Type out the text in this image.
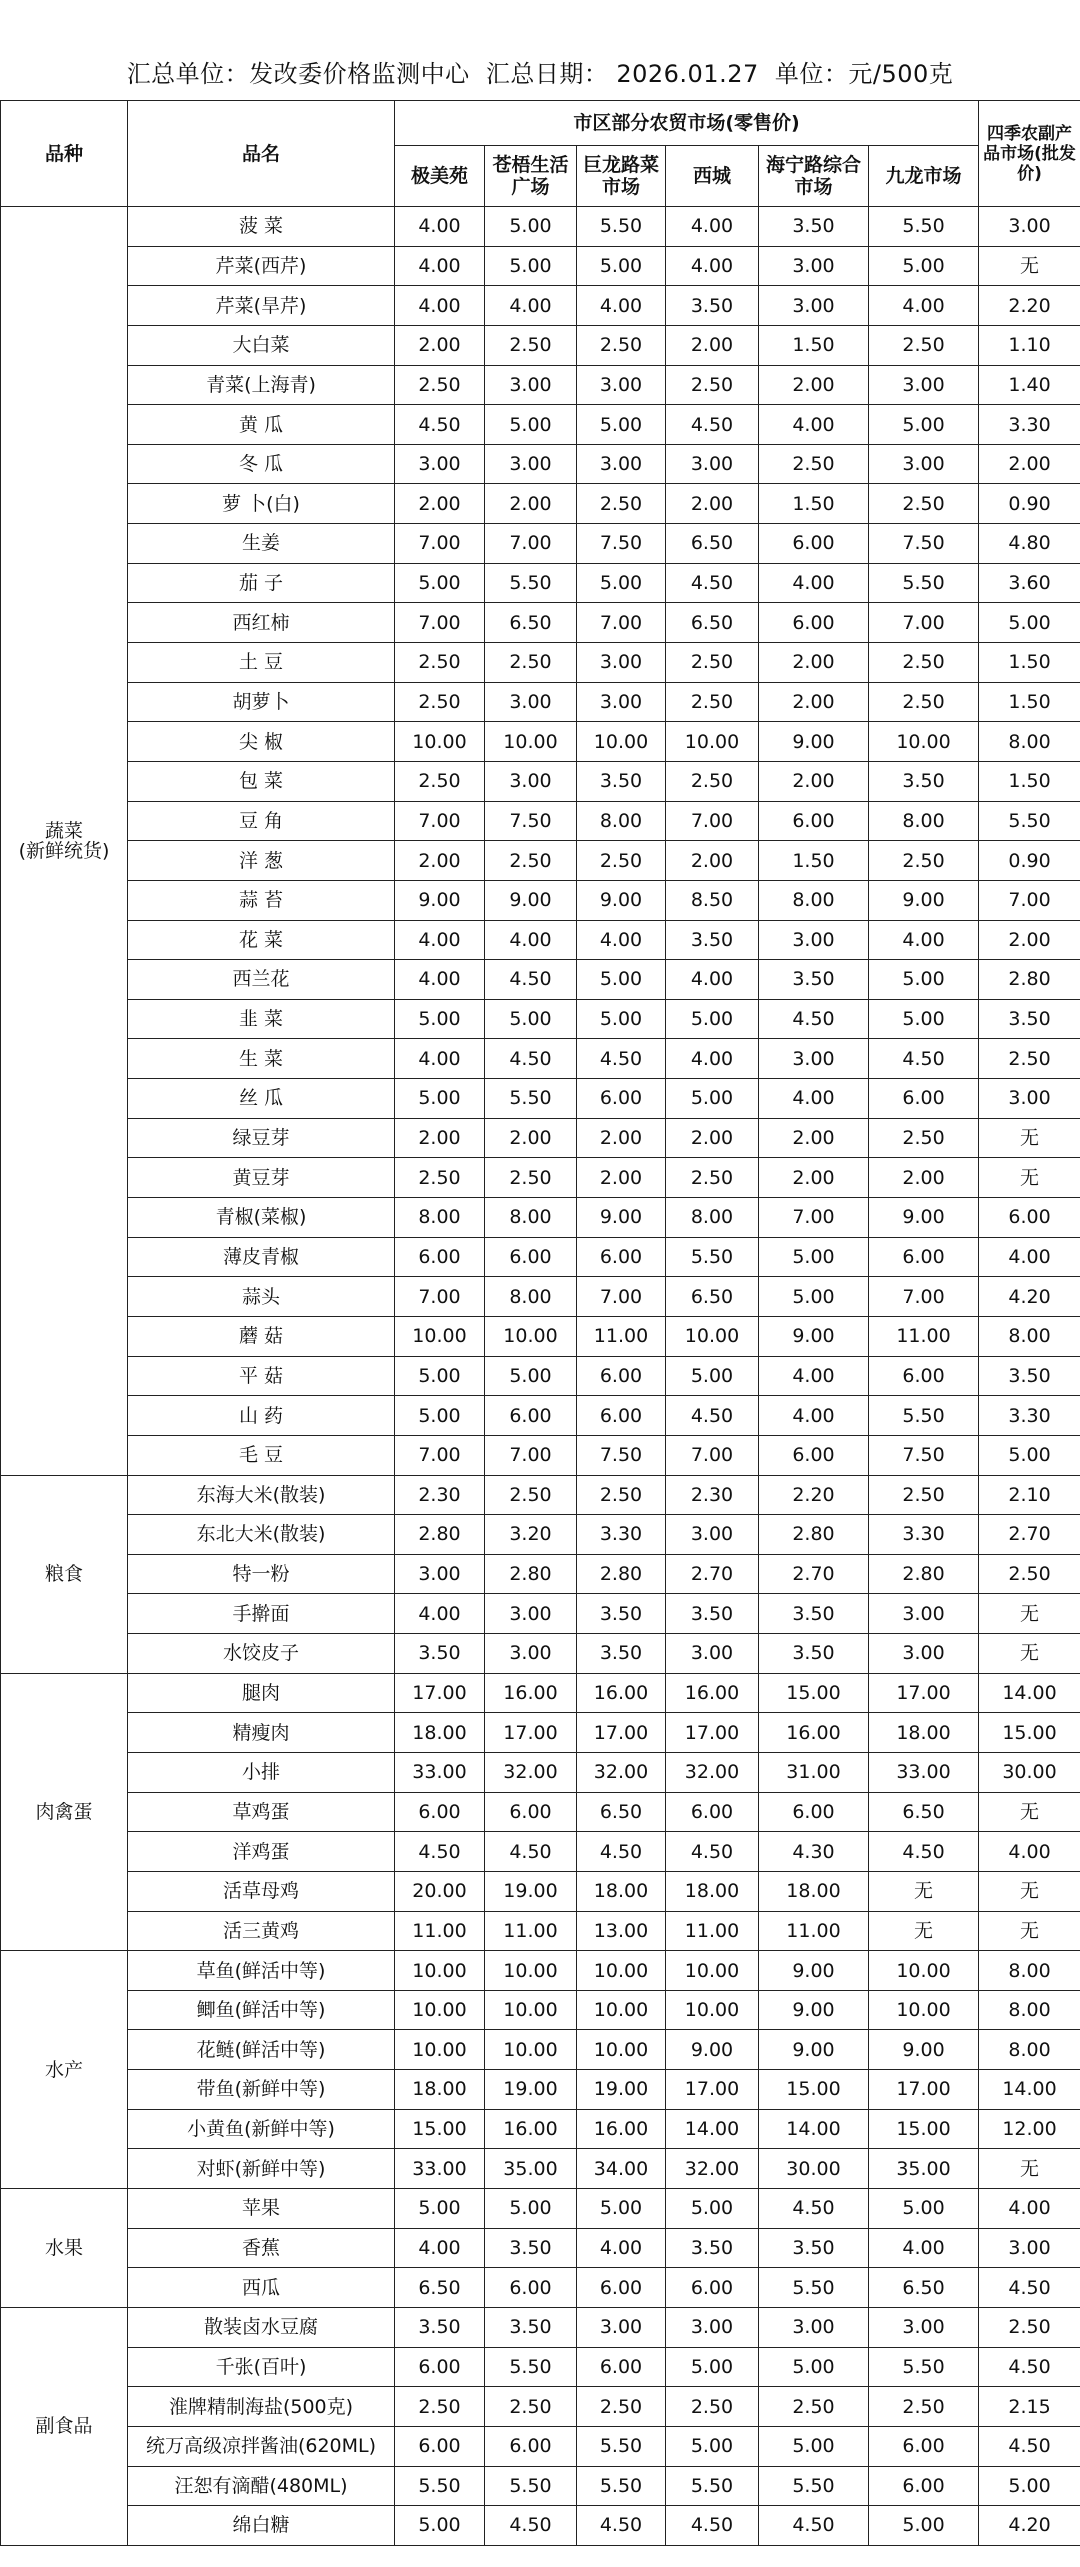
汇总单位：发改委价格监测中心 汇总日期： 2026.01.27 单位：元/500克
品种	品名	市区部分农贸市场(零售价)						四季农副产品市场(批发价)
		极美苑	苍梧生活广场	巨龙路菜市场	西城	海宁路综合市场	九龙市场	

蔬菜
(新鲜统货)	菠 菜	4.00	5.00	5.50	4.00	3.50	5.50	3.00
	芹菜(西芹)	4.00	5.00	5.00	4.00	3.00	5.00	无
	芹菜(旱芹)	4.00	4.00	4.00	3.50	3.00	4.00	2.20
	大白菜	2.00	2.50	2.50	2.00	1.50	2.50	1.10
	青菜(上海青)	2.50	3.00	3.00	2.50	2.00	3.00	1.40
	黄 瓜	4.50	5.00	5.00	4.50	4.00	5.00	3.30
	冬 瓜	3.00	3.00	3.00	3.00	2.50	3.00	2.00
	萝 卜(白)	2.00	2.00	2.50	2.00	1.50	2.50	0.90
	生姜	7.00	7.00	7.50	6.50	6.00	7.50	4.80
	茄 子	5.00	5.50	5.00	4.50	4.00	5.50	3.60
	西红柿	7.00	6.50	7.00	6.50	6.00	7.00	5.00
	土 豆	2.50	2.50	3.00	2.50	2.00	2.50	1.50
	胡萝卜	2.50	3.00	3.00	2.50	2.00	2.50	1.50
	尖 椒	10.00	10.00	10.00	10.00	9.00	10.00	8.00
	包 菜	2.50	3.00	3.50	2.50	2.00	3.50	1.50
	豆 角	7.00	7.50	8.00	7.00	6.00	8.00	5.50
	洋 葱	2.00	2.50	2.50	2.00	1.50	2.50	0.90
	蒜 苔	9.00	9.00	9.00	8.50	8.00	9.00	7.00
	花 菜	4.00	4.00	4.00	3.50	3.00	4.00	2.00
	西兰花	4.00	4.50	5.00	4.00	3.50	5.00	2.80
	韭 菜	5.00	5.00	5.00	5.00	4.50	5.00	3.50
	生 菜	4.00	4.50	4.50	4.00	3.00	4.50	2.50
	丝 瓜	5.00	5.50	6.00	5.00	4.00	6.00	3.00
	绿豆芽	2.00	2.00	2.00	2.00	2.00	2.50	无
	黄豆芽	2.50	2.50	2.00	2.50	2.00	2.00	无
	青椒(菜椒)	8.00	8.00	9.00	8.00	7.00	9.00	6.00
	薄皮青椒	6.00	6.00	6.00	5.50	5.00	6.00	4.00
	蒜头	7.00	8.00	7.00	6.50	5.00	7.00	4.20
	蘑 菇	10.00	10.00	11.00	10.00	9.00	11.00	8.00
	平 菇	5.00	5.00	6.00	5.00	4.00	6.00	3.50
	山 药	5.00	6.00	6.00	4.50	4.00	5.50	3.30
	毛 豆	7.00	7.00	7.50	7.00	6.00	7.50	5.00
粮食	东海大米(散装)	2.30	2.50	2.50	2.30	2.20	2.50	2.10
	东北大米(散装)	2.80	3.20	3.30	3.00	2.80	3.30	2.70
	特一粉	3.00	2.80	2.80	2.70	2.70	2.80	2.50
	手擀面	4.00	3.00	3.50	3.50	3.50	3.00	无
	水饺皮子	3.50	3.00	3.50	3.00	3.50	3.00	无
肉禽蛋	腿肉	17.00	16.00	16.00	16.00	15.00	17.00	14.00
	精瘦肉	18.00	17.00	17.00	17.00	16.00	18.00	15.00
	小排	33.00	32.00	32.00	32.00	31.00	33.00	30.00
	草鸡蛋	6.00	6.00	6.50	6.00	6.00	6.50	无
	洋鸡蛋	4.50	4.50	4.50	4.50	4.30	4.50	4.00
	活草母鸡	20.00	19.00	18.00	18.00	18.00	无	无
	活三黄鸡	11.00	11.00	13.00	11.00	11.00	无	无
水产	草鱼(鲜活中等)	10.00	10.00	10.00	10.00	9.00	10.00	8.00
	鲫鱼(鲜活中等)	10.00	10.00	10.00	10.00	9.00	10.00	8.00
	花鲢(鲜活中等)	10.00	10.00	10.00	9.00	9.00	9.00	8.00
	带鱼(新鲜中等)	18.00	19.00	19.00	17.00	15.00	17.00	14.00
	小黄鱼(新鲜中等)	15.00	16.00	16.00	14.00	14.00	15.00	12.00
	对虾(新鲜中等)	33.00	35.00	34.00	32.00	30.00	35.00	无
水果	苹果	5.00	5.00	5.00	5.00	4.50	5.00	4.00
	香蕉	4.00	3.50	4.00	3.50	3.50	4.00	3.00
	西瓜	6.50	6.00	6.00	6.00	5.50	6.50	4.50
副食品	散装卤水豆腐	3.50	3.50	3.00	3.00	3.00	3.00	2.50
	千张(百叶)	6.00	5.50	6.00	5.00	5.00	5.50	4.50
	淮牌精制海盐(500克)	2.50	2.50	2.50	2.50	2.50	2.50	2.15
	统万高级凉拌酱油(620ML)	6.00	6.00	5.50	5.00	5.00	6.00	4.50
	汪恕有滴醋(480ML)	5.50	5.50	5.50	5.50	5.50	6.00	5.00
	绵白糖	5.00	4.50	4.50	4.50	4.50	5.00	4.20
